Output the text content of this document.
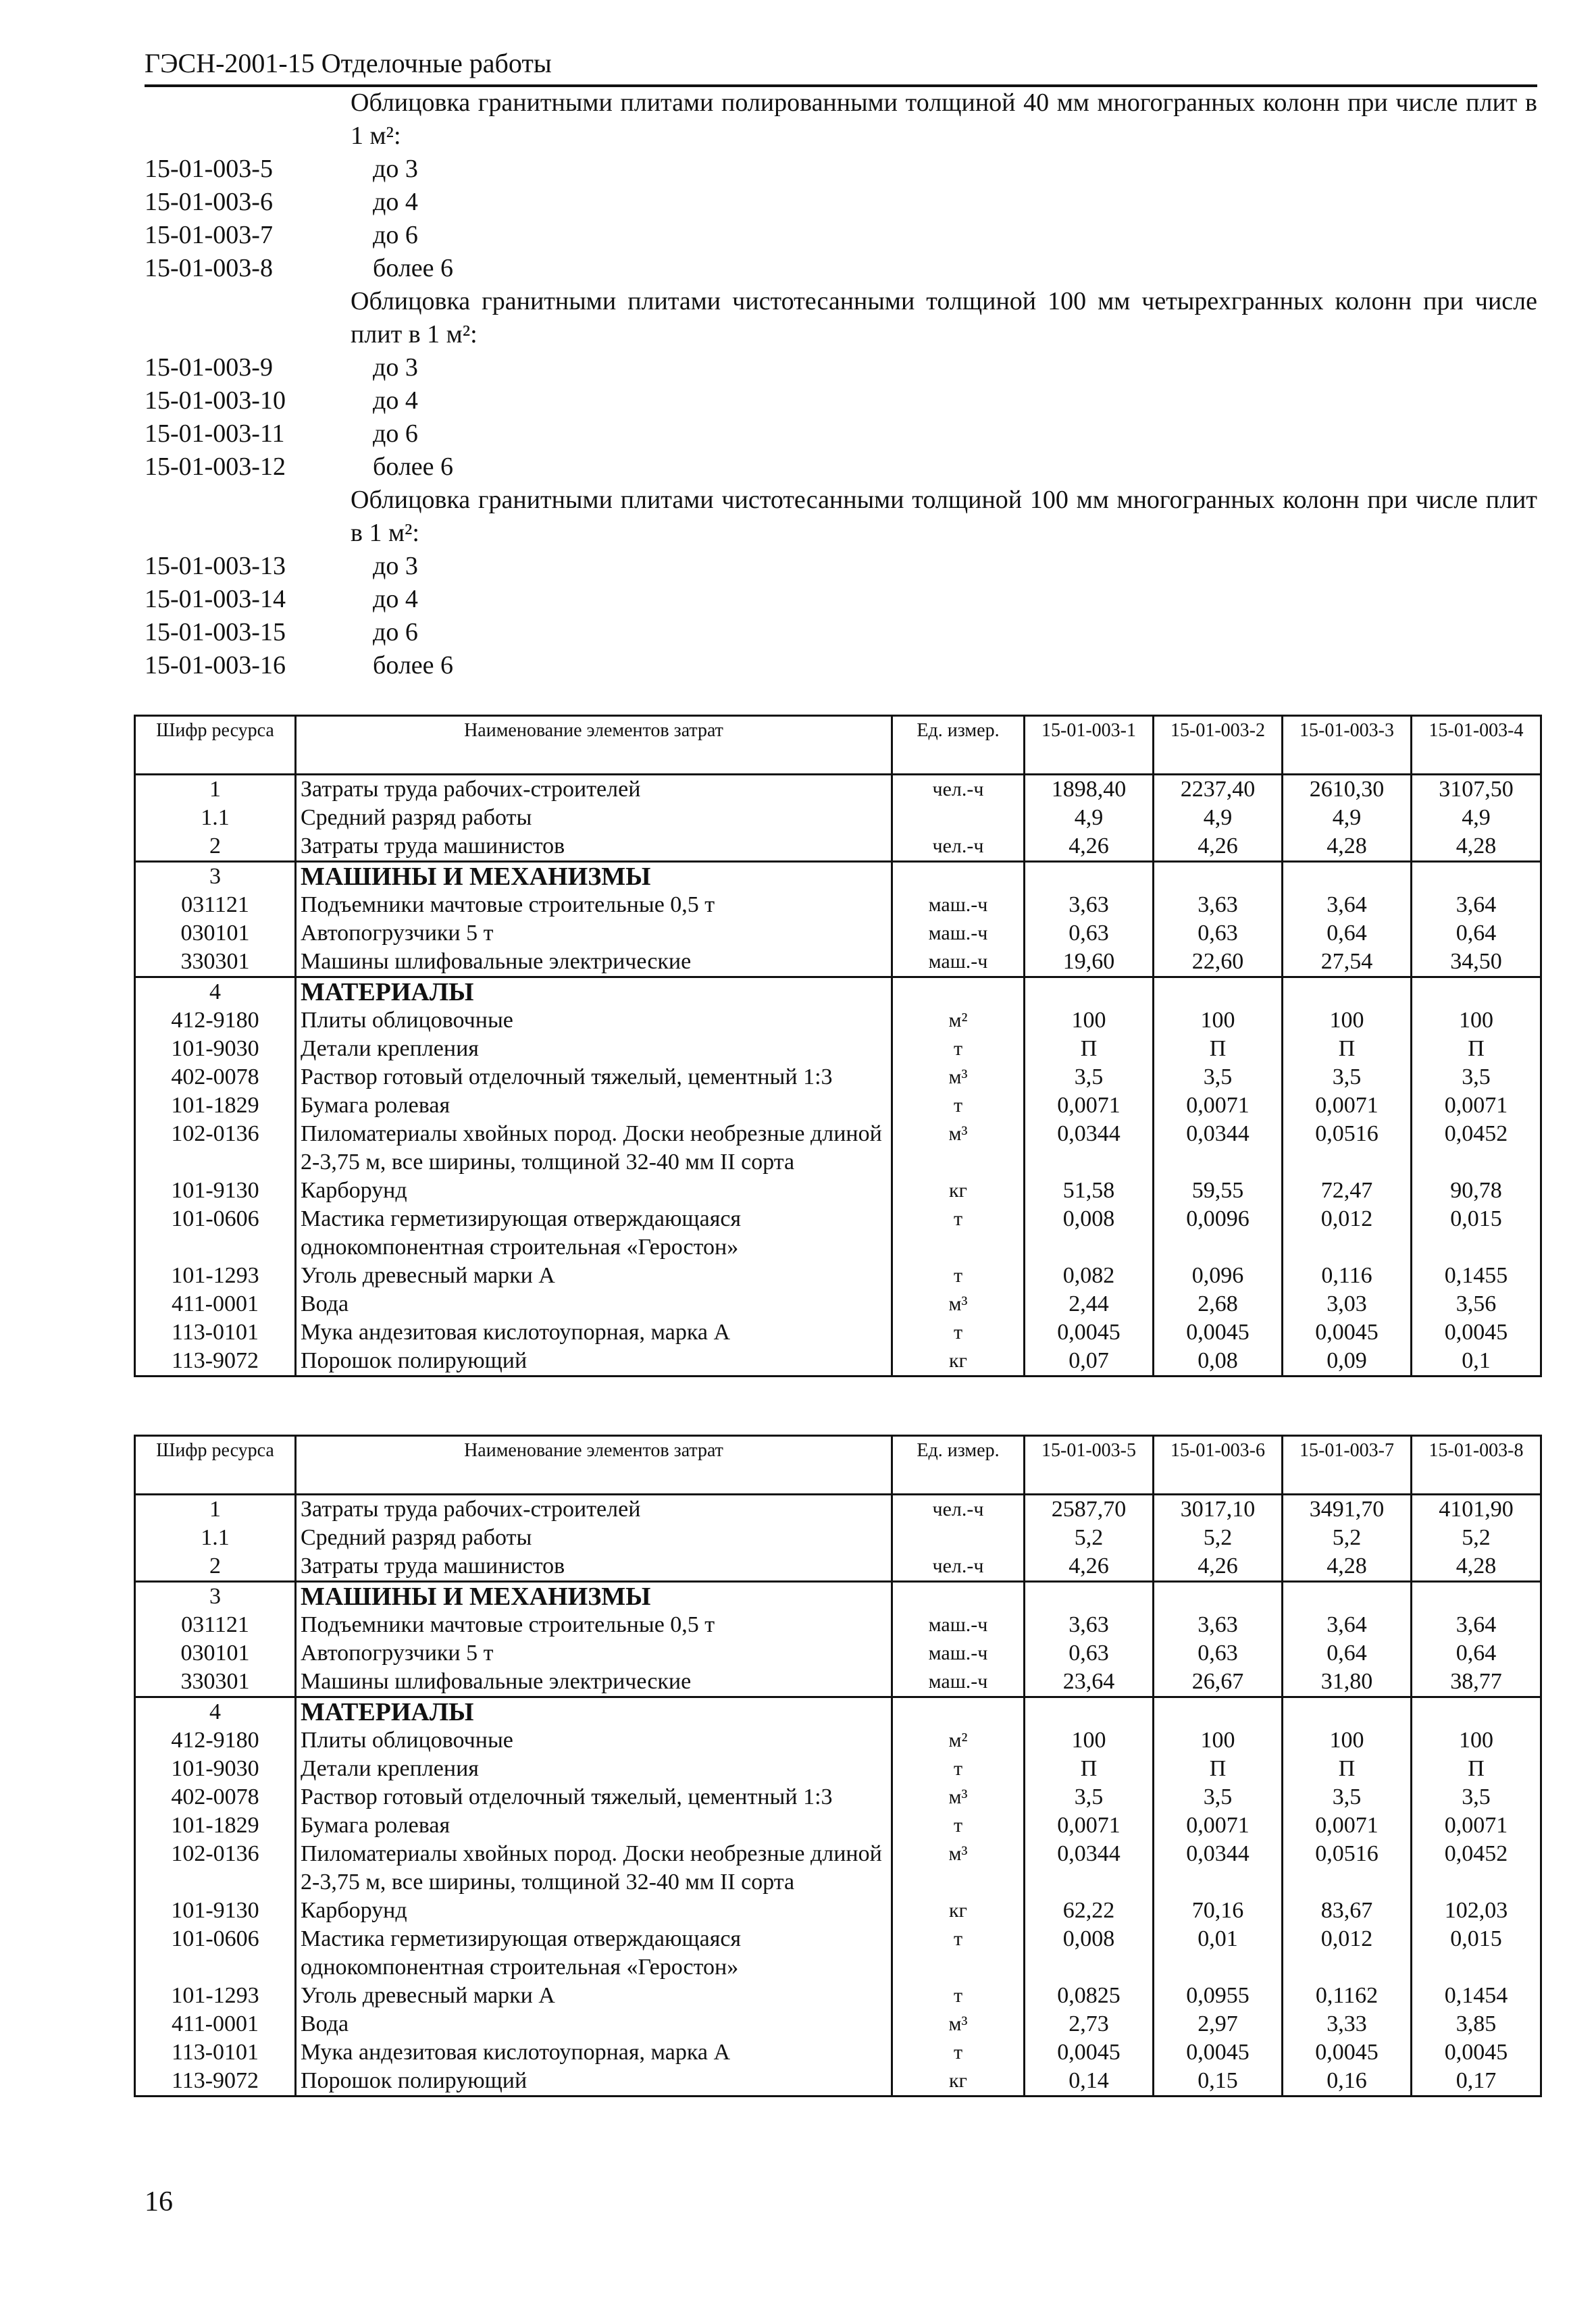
ГЭСН-2001-15 Отделочные работы
Облицовка гранитными плитами полированными толщиной 40 мм многогранных колонн при числе плит в 1 м²:
15-01-003-5	до 3
15-01-003-6	до 4
15-01-003-7	до 6
15-01-003-8	более 6
Облицовка гранитными плитами чистотесанными толщиной 100 мм четырехгранных колонн при числе плит в 1 м²:
15-01-003-9	до 3
15-01-003-10	до 4
15-01-003-11	до 6
15-01-003-12	более 6
Облицовка гранитными плитами чистотесанными толщиной 100 мм многогранных колонн при числе плит в 1 м²:
15-01-003-13	до 3
15-01-003-14	до 4
15-01-003-15	до 6
15-01-003-16	более 6
Шифр ресурса	Наименование элементов затрат	Ед. измер.	15-01-003-1	15-01-003-2	15-01-003-3	15-01-003-4
1	Затраты труда рабочих-строителей	чел.-ч	1898,40	2237,40	2610,30	3107,50
1.1	Средний разряд работы		4,9	4,9	4,9	4,9
2	Затраты труда машинистов	чел.-ч	4,26	4,26	4,28	4,28
3	МАШИНЫ И МЕХАНИЗМЫ					
031121	Подъемники мачтовые строительные 0,5 т	маш.-ч	3,63	3,63	3,64	3,64
030101	Автопогрузчики 5 т	маш.-ч	0,63	0,63	0,64	0,64
330301	Машины шлифовальные электрические	маш.-ч	19,60	22,60	27,54	34,50
4	МАТЕРИАЛЫ					
412-9180	Плиты облицовочные	м²	100	100	100	100
101-9030	Детали крепления	т	П	П	П	П
402-0078	Раствор готовый отделочный тяжелый, цементный 1:3	м³	3,5	3,5	3,5	3,5
101-1829	Бумага ролевая	т	0,0071	0,0071	0,0071	0,0071
102-0136	Пиломатериалы хвойных пород. Доски необрезные длиной 2-3,75 м, все ширины, толщиной 32-40 мм II сорта	м³	0,0344	0,0344	0,0516	0,0452
101-9130	Карборунд	кг	51,58	59,55	72,47	90,78
101-0606	Мастика герметизирующая отверждающаяся однокомпонентная строительная «Геростон»	т	0,008	0,0096	0,012	0,015
101-1293	Уголь древесный марки А	т	0,082	0,096	0,116	0,1455
411-0001	Вода	м³	2,44	2,68	3,03	3,56
113-0101	Мука андезитовая кислотоупорная, марка А	т	0,0045	0,0045	0,0045	0,0045
113-9072	Порошок полирующий	кг	0,07	0,08	0,09	0,1
Шифр ресурса	Наименование элементов затрат	Ед. измер.	15-01-003-5	15-01-003-6	15-01-003-7	15-01-003-8
1	Затраты труда рабочих-строителей	чел.-ч	2587,70	3017,10	3491,70	4101,90
1.1	Средний разряд работы		5,2	5,2	5,2	5,2
2	Затраты труда машинистов	чел.-ч	4,26	4,26	4,28	4,28
3	МАШИНЫ И МЕХАНИЗМЫ					
031121	Подъемники мачтовые строительные 0,5 т	маш.-ч	3,63	3,63	3,64	3,64
030101	Автопогрузчики 5 т	маш.-ч	0,63	0,63	0,64	0,64
330301	Машины шлифовальные электрические	маш.-ч	23,64	26,67	31,80	38,77
4	МАТЕРИАЛЫ					
412-9180	Плиты облицовочные	м²	100	100	100	100
101-9030	Детали крепления	т	П	П	П	П
402-0078	Раствор готовый отделочный тяжелый, цементный 1:3	м³	3,5	3,5	3,5	3,5
101-1829	Бумага ролевая	т	0,0071	0,0071	0,0071	0,0071
102-0136	Пиломатериалы хвойных пород. Доски необрезные длиной 2-3,75 м, все ширины, толщиной 32-40 мм II сорта	м³	0,0344	0,0344	0,0516	0,0452
101-9130	Карборунд	кг	62,22	70,16	83,67	102,03
101-0606	Мастика герметизирующая отверждающаяся однокомпонентная строительная «Геростон»	т	0,008	0,01	0,012	0,015
101-1293	Уголь древесный марки А	т	0,0825	0,0955	0,1162	0,1454
411-0001	Вода	м³	2,73	2,97	3,33	3,85
113-0101	Мука андезитовая кислотоупорная, марка А	т	0,0045	0,0045	0,0045	0,0045
113-9072	Порошок полирующий	кг	0,14	0,15	0,16	0,17
16
